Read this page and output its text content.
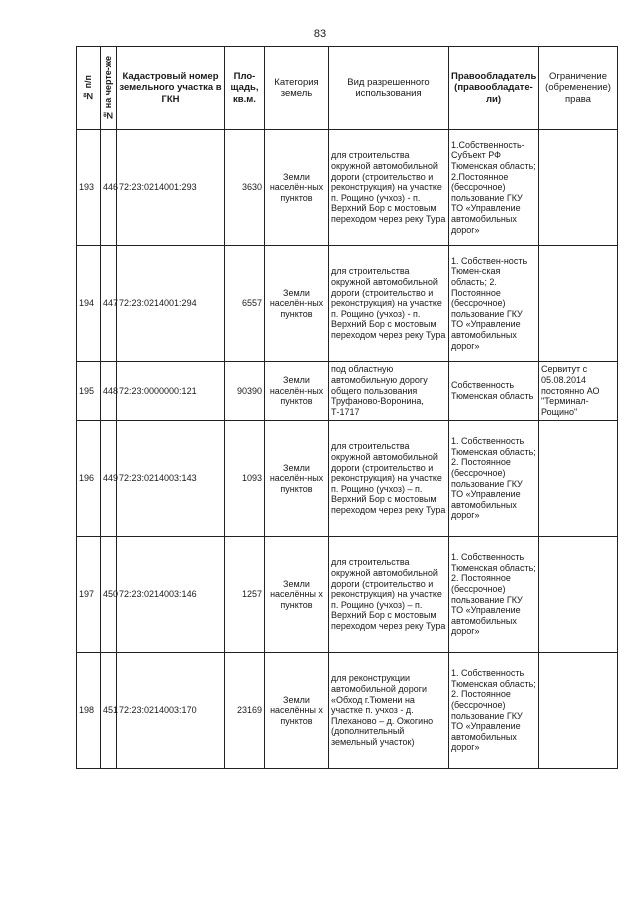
83
№ п/п	№ на черте-же	Кадастровый номер земельного участка в ГКН	Пло-щадь, кв.м.	Категория земель	Вид разрешенного использования	Правообладатель (правообладате-ли)	Ограничение (обременение) права
193	446	72:23:0214001:293	3630	Земли населён-ных пунктов	для строительства окружной автомобильной дороги (строительство и реконструкция) на участке п. Рощино (учхоз) - п. Верхний Бор с мостовым переходом через реку Тура	1.Собственность-Субъект РФ Тюменская область; 2.Постоянное (бессрочное) пользование ГКУ ТО «Управление автомобильных дорог»	
194	447	72:23:0214001:294	6557	Земли населён-ных пунктов	для строительства окружной автомобильной дороги (строительство и реконструкция) на участке п. Рощино (учхоз) - п. Верхний Бор с мостовым переходом через реку Тура	1. Собствен-ность Тюмен-ская область; 2. Постоянное (бессрочное) пользование ГКУ ТО «Управление автомобильных дорог»	
195	448	72:23:0000000:121	90390	Земли населён-ных пунктов	под областную автомобильную дорогу общего пользования Труфаново-Воронина, Т-1717	Собственность Тюменская область	Сервитут с 05.08.2014 постоянно АО "Терминал-Рощино"
196	449	72:23:0214003:143	1093	Земли населён-ных пунктов	для строительства окружной автомобильной дороги (строительство и реконструкция) на участке п. Рощино (учхоз) – п. Верхний Бор с мостовым переходом через реку Тура	1. Собственность Тюменская область; 2. Постоянное (бессрочное) пользование ГКУ ТО «Управление автомобильных дорог»	
197	450	72:23:0214003:146	1257	Земли населённы х пунктов	для строительства окружной автомобильной дороги (строительство и реконструкция) на участке п. Рощино (учхоз) – п. Верхний Бор с мостовым переходом через реку Тура	1. Собственность Тюменская область; 2. Постоянное (бессрочное) пользование ГКУ ТО «Управление автомобильных дорог»	
198	451	72:23:0214003:170	23169	Земли населённы х пунктов	для реконструкции автомобильной дороги «Обход г.Тюмени на участке п. учхоз - д. Плеханово – д. Ожогино (дополнительный земельный участок)	1. Собственность Тюменская область; 2. Постоянное (бессрочное) пользование ГКУ ТО «Управление автомобильных дорог»	
